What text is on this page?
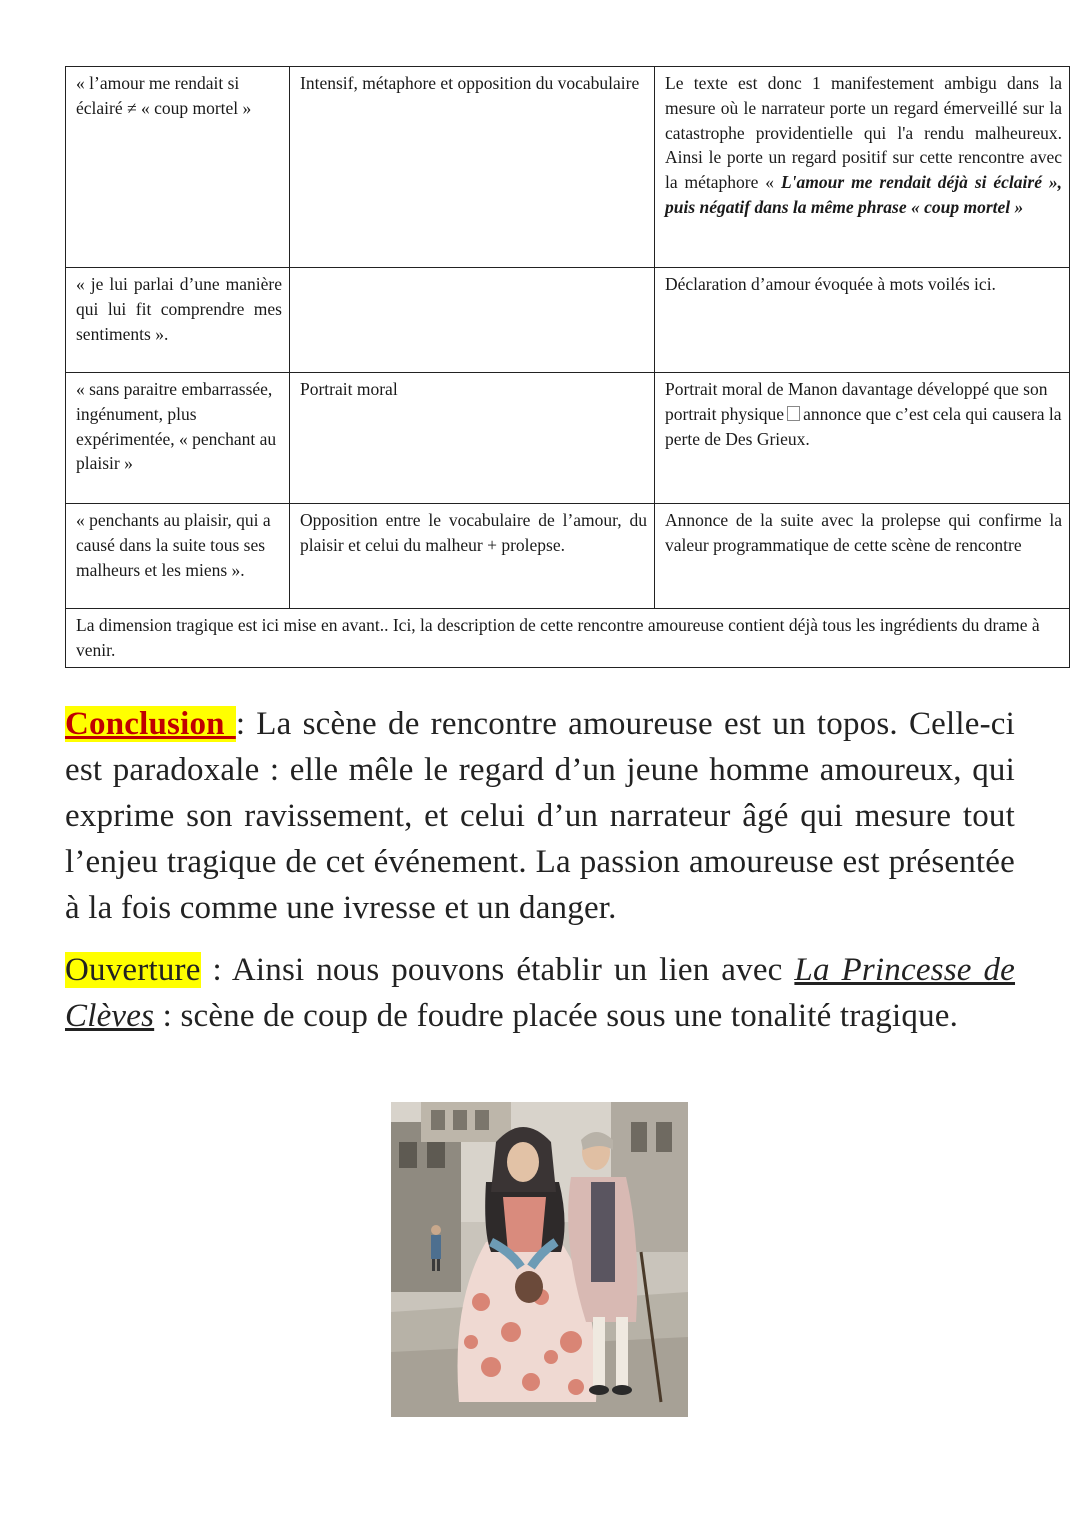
« l’amour me rendait si éclairé ≠ « coup mortel »	Intensif, métaphore et opposition du vocabulaire	Le texte est donc 1 manifestement ambigu dans la mesure où le narrateur porte un regard émerveillé sur la catastrophe providentielle qui l'a rendu malheureux. Ainsi le porte un regard positif sur cette rencontre avec la métaphore « L'amour me rendait déjà si éclairé », puis négatif dans la même phrase « coup mortel »
« je lui parlai d’une manière qui lui fit comprendre mes sentiments ».		Déclaration d’amour évoquée à mots voilés ici.
« sans paraitre embarrassée, ingénument, plus expérimentée, « penchant au plaisir »	Portrait moral	Portrait moral de Manon davantage développé que son portrait physique annonce que c’est cela qui causera la perte de Des Grieux.
« penchants au plaisir, qui a causé dans la suite tous ses malheurs et les miens ».	Opposition entre le vocabulaire de l’amour, du plaisir et celui du malheur + prolepse.	Annonce de la suite avec la prolepse qui confirme la valeur programmatique de cette scène de rencontre
La dimension tragique est ici mise en avant.. Ici, la description de cette rencontre amoureuse contient déjà tous les ingrédients du drame à venir.		

Conclusion : La scène de rencontre amoureuse est un topos. Celle-ci est paradoxale : elle mêle le regard d’un jeune homme amoureux, qui exprime son ravissement, et celui d’un narrateur âgé qui mesure tout l’enjeu tragique de cet événement. La passion amoureuse est présentée à la fois comme une ivresse et un danger.

Ouverture : Ainsi nous pouvons établir un lien avec La Princesse de Clèves : scène de coup de foudre placée sous une tonalité tragique.
